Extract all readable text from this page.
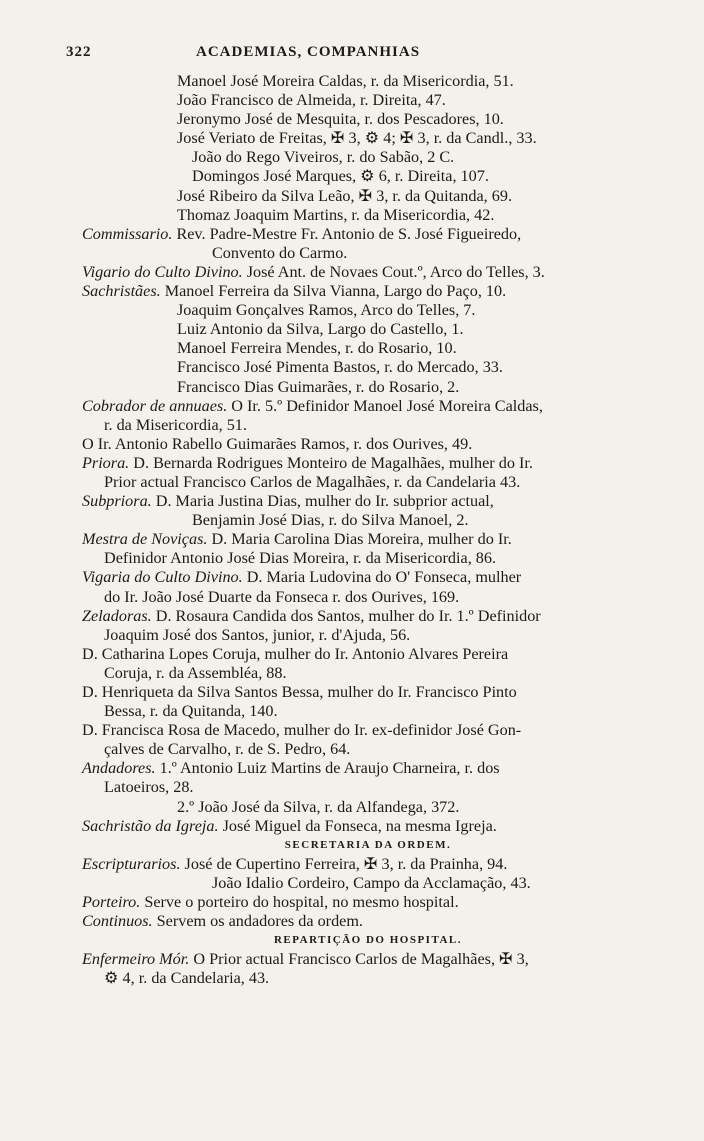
322	ACADEMIAS, COMPANHIAS
Manoel José Moreira Caldas, r. da Misericordia, 51.
João Francisco de Almeida, r. Direita, 47.
Jeronymo José de Mesquita, r. dos Pescadores, 10.
José Veriato de Freitas, ✠ 3, ⚙ 4; ✠ 3, r. da Candl., 33.
João do Rego Viveiros, r. do Sabão, 2 C.
Domingos José Marques, ⚙ 6, r. Direita, 107.
José Ribeiro da Silva Leão, ✠ 3, r. da Quitanda, 69.
Thomaz Joaquim Martins, r. da Misericordia, 42.
Commissario. Rev. Padre-Mestre Fr. Antonio de S. José Figueiredo,
Convento do Carmo.
Vigario do Culto Divino. José Ant. de Novaes Cout.º, Arco do Telles, 3.
Sachristães. Manoel Ferreira da Silva Vianna, Largo do Paço, 10.
Joaquim Gonçalves Ramos, Arco do Telles, 7.
Luiz Antonio da Silva, Largo do Castello, 1.
Manoel Ferreira Mendes, r. do Rosario, 10.
Francisco José Pimenta Bastos, r. do Mercado, 33.
Francisco Dias Guimarães, r. do Rosario, 2.
Cobrador de annuaes. O Ir. 5.º Definidor Manoel José Moreira Caldas,
r. da Misericordia, 51.
O Ir. Antonio Rabello Guimarães Ramos, r. dos Ourives, 49.
Priora. D. Bernarda Rodrigues Monteiro de Magalhães, mulher do Ir.
Prior actual Francisco Carlos de Magalhães, r. da Candelaria 43.
Subpriora. D. Maria Justina Dias, mulher do Ir. subprior actual,
Benjamin José Dias, r. do Silva Manoel, 2.
Mestra de Noviças. D. Maria Carolina Dias Moreira, mulher do Ir.
Definidor Antonio José Dias Moreira, r. da Misericordia, 86.
Vigaria do Culto Divino. D. Maria Ludovina do O' Fonseca, mulher
do Ir. João José Duarte da Fonseca r. dos Ourives, 169.
Zeladoras. D. Rosaura Candida dos Santos, mulher do Ir. 1.º Definidor
Joaquim José dos Santos, junior, r. d'Ajuda, 56.
D. Catharina Lopes Coruja, mulher do Ir. Antonio Alvares Pereira
Coruja, r. da Assembléa, 88.
D. Henriqueta da Silva Santos Bessa, mulher do Ir. Francisco Pinto
Bessa, r. da Quitanda, 140.
D. Francisca Rosa de Macedo, mulher do Ir. ex-definidor José Gon-
çalves de Carvalho, r. de S. Pedro, 64.
Andadores. 1.º Antonio Luiz Martins de Araujo Charneira, r. dos
Latoeiros, 28.
2.º João José da Silva, r. da Alfandega, 372.
Sachristão da Igreja. José Miguel da Fonseca, na mesma Igreja.
SECRETARIA DA ORDEM.
Escripturarios. José de Cupertino Ferreira, ✠ 3, r. da Prainha, 94.
João Idalio Cordeiro, Campo da Acclamação, 43.
Porteiro. Serve o porteiro do hospital, no mesmo hospital.
Continuos. Servem os andadores da ordem.
REPARTIÇÃO DO HOSPITAL.
Enfermeiro Mór. O Prior actual Francisco Carlos de Magalhães, ✠ 3,
⚙ 4, r. da Candelaria, 43.
